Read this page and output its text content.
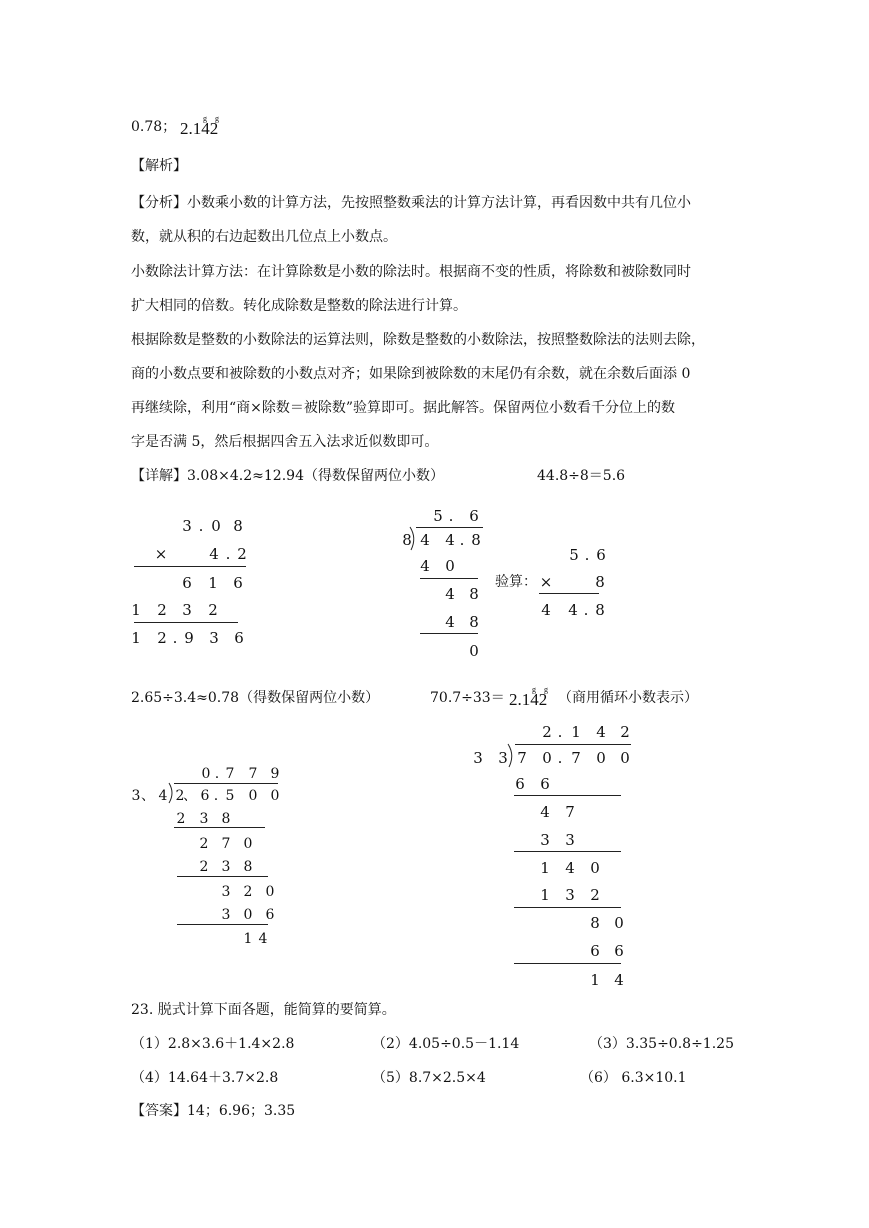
0.78；
g g
2.142
【解析】
【分析】小数乘小数的计算方法，先按照整数乘法的计算方法计算，再看因数中共有几位小
数，就从积的右边起数出几位点上小数点。
小数除法计算方法：在计算除数是小数的除法时。根据商不变的性质，将除数和被除数同时
扩大相同的倍数。转化成除数是整数的除法进行计算。
根据除数是整数的小数除法的运算法则，除数是整数的小数除法，按照整数除法的法则去除，
商的小数点要和被除数的小数点对齐；如果除到被除数的末尾仍有余数，就在余数后面添 0
再继续除，利用“商×除数＝被除数”验算即可。据此解答。保留两位小数看千分位上的数
字是否满 5，然后根据四舍五入法求近似数即可。
【详解】3.08×4.2≈12.94（得数保留两位小数）	44.8÷8＝5.6
3 . 0 8
×	4 . 2
6 1 6
1 2 3 2
1 2 . 9 3 6
5 .	6
8 4 4 . 8
4 0
4 8
4 8
0
验算：
5 . 6
×	8
4 4 . 8
2.65÷3.4≈0.78（得数保留两位小数）	70.7÷33＝
g g
2.142 （商用循环小数表示）
0 . 7 7 9
3 、 4 2
、 6 . 5 0 0
2 3 8
2 7 0
2 3 8
3 2 0
3 0 6
1 4
2 . 1 4 2
3 3 7 0 . 7 0 0
6 6
4 7
3 3
1 4 0
1 3 2
8 0
6 6
1 4
23. 脱式计算下面各题，能简算的要简算。
（1）2.8×3.6＋1.4×2.8	（2）4.05÷0.5－1.14	（3）3.35÷0.8÷1.25
（4）14.64＋3.7×2.8	（5）8.7×2.5×4	（6） 6.3×10.1
【答案】14；6.96；3.35
